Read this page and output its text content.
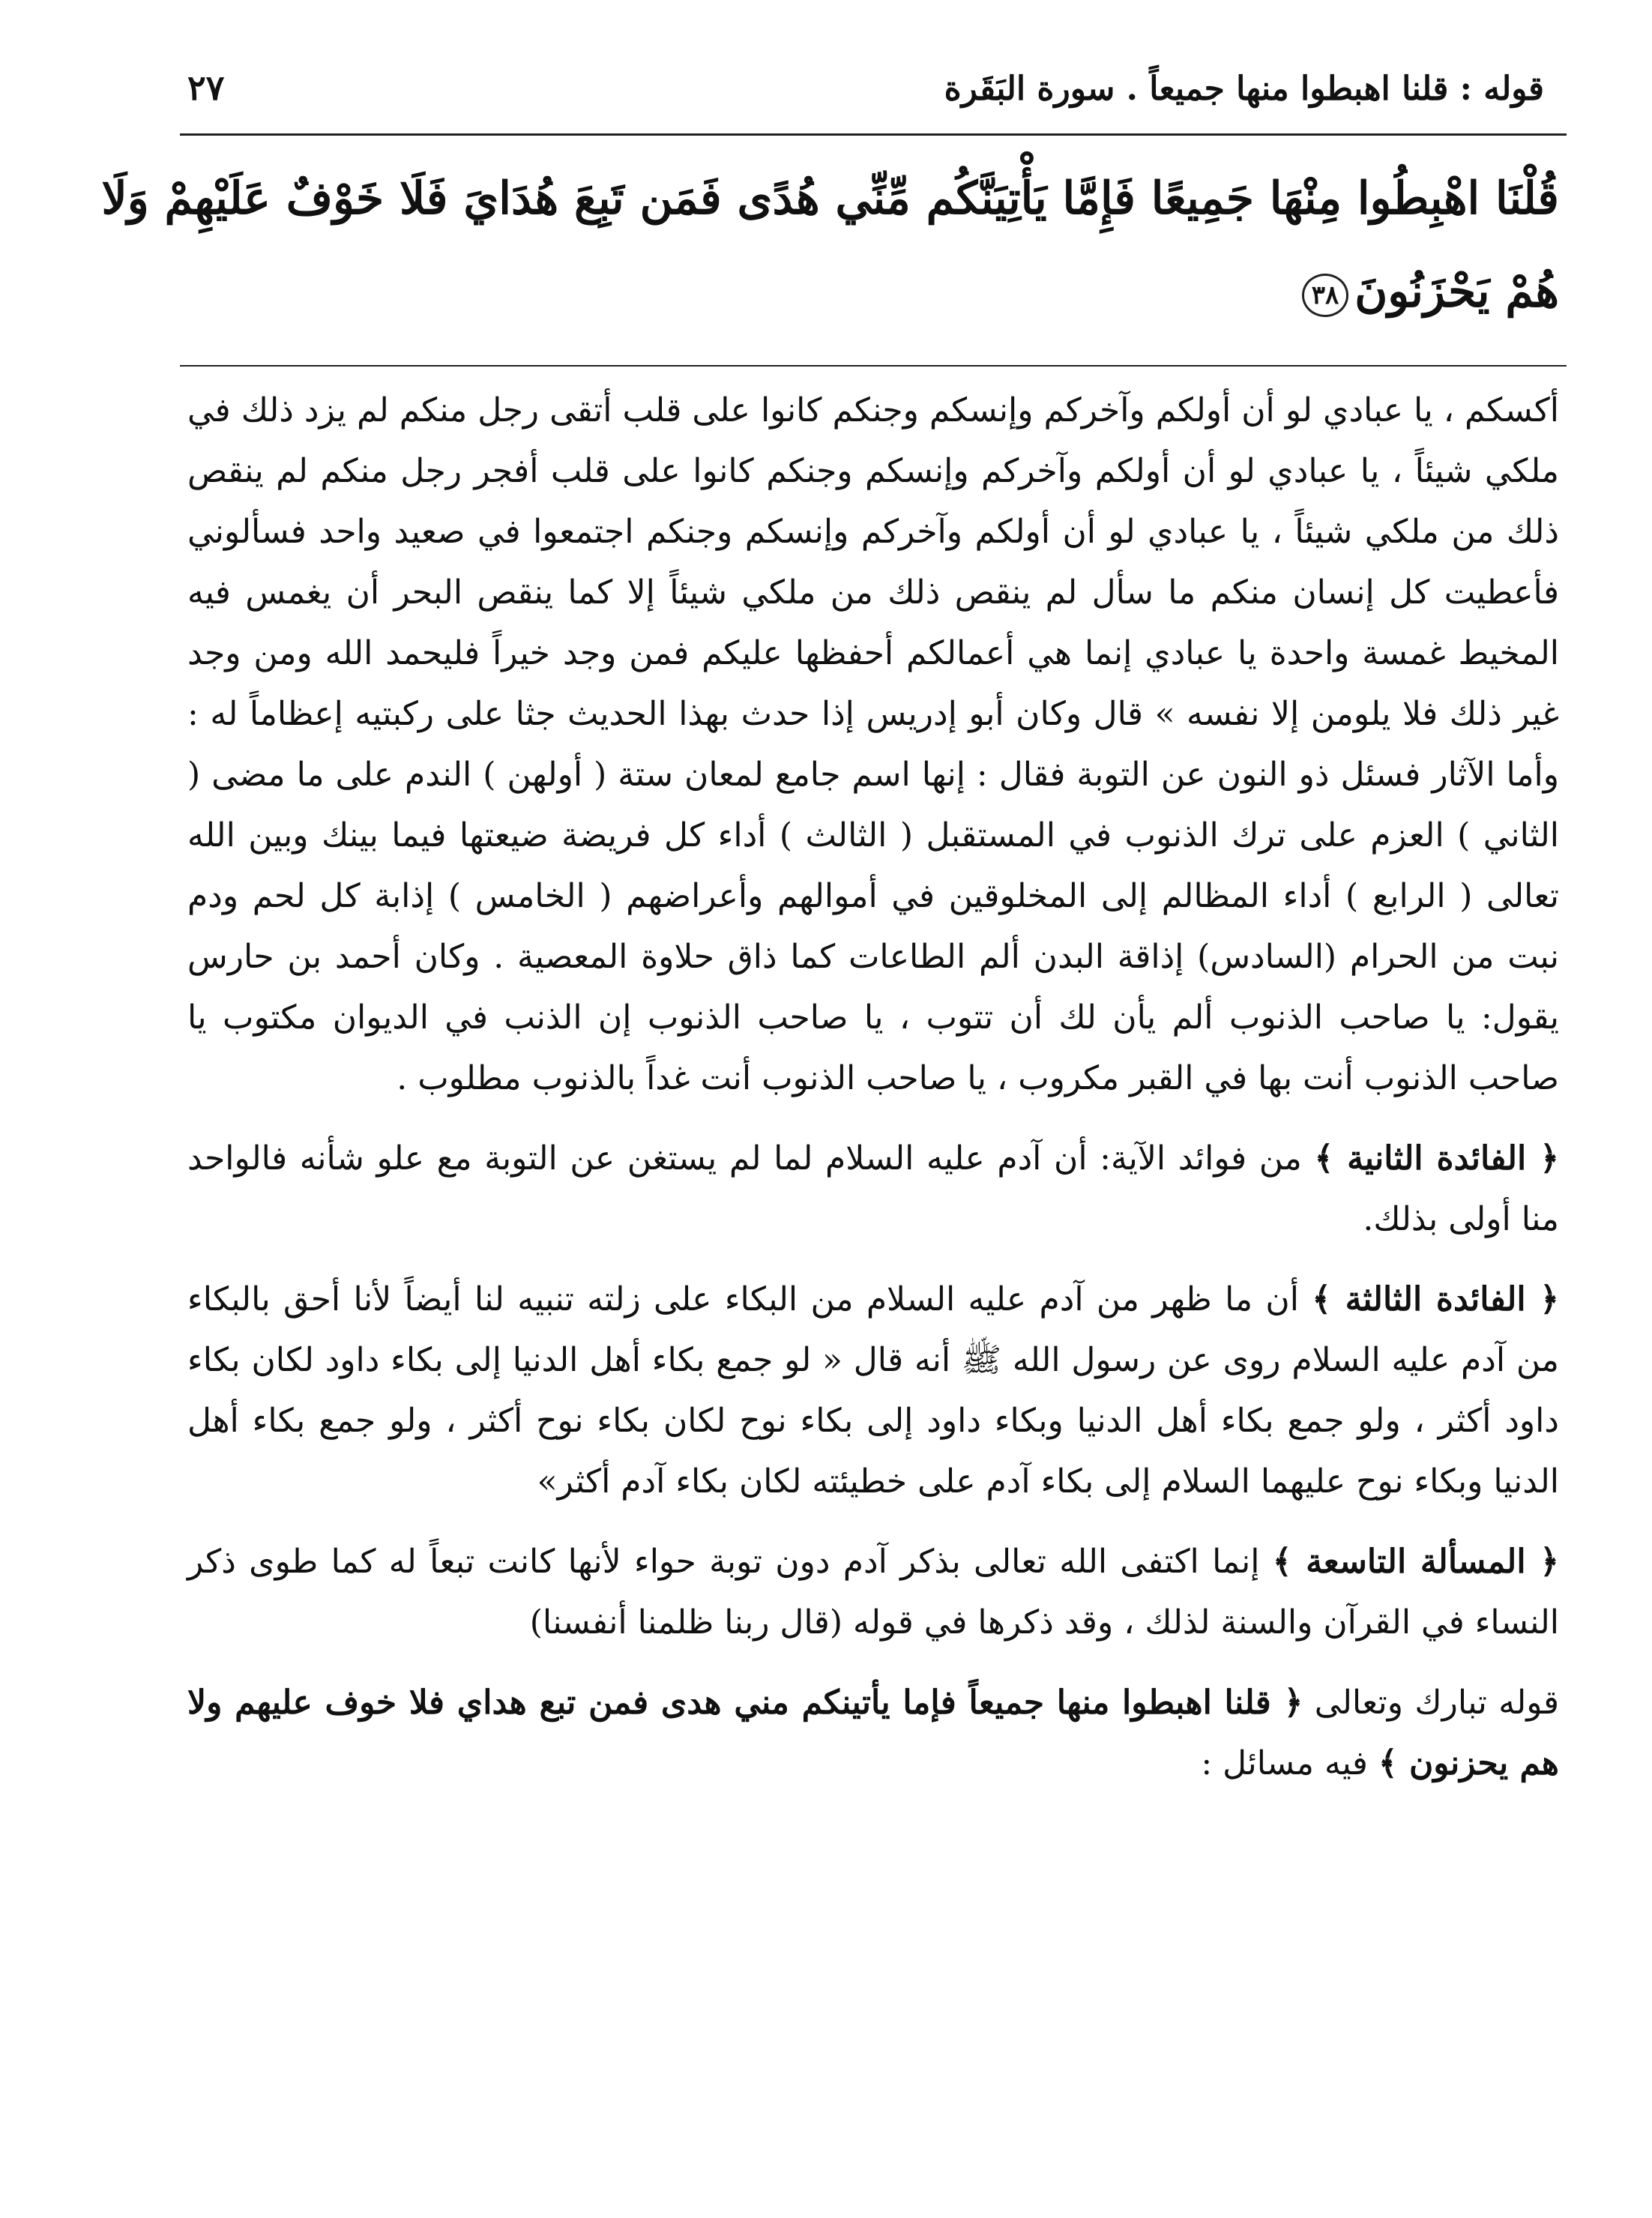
قوله : قلنا اهبطوا منها جميعاً . سورة البَقَرة
٢٧
قُلْنَا اهْبِطُوا مِنْهَا جَمِيعًا فَإِمَّا يَأْتِيَنَّكُم مِّنِّي هُدًى فَمَن تَبِعَ هُدَايَ فَلَا خَوْفٌ عَلَيْهِمْ وَلَا
هُمْ يَحْزَنُونَ٣٨

أكسكم ، يا عبادي لو أن أولكم وآخركم وإنسكم وجنكم كانوا على قلب أتقى رجل منكم لم يزد ذلك في ملكي شيئاً ، يا عبادي لو أن أولكم وآخركم وإنسكم وجنكم كانوا على قلب أفجر رجل منكم لم ينقص ذلك من ملكي شيئاً ، يا عبادي لو أن أولكم وآخركم وإنسكم وجنكم اجتمعوا في صعيد واحد فسألوني فأعطيت كل إنسان منكم ما سأل لم ينقص ذلك من ملكي شيئاً إلا كما ينقص البحر أن يغمس فيه المخيط غمسة واحدة يا عبادي إنما هي أعمالكم أحفظها عليكم فمن وجد خيراً فليحمد الله ومن وجد غير ذلك فلا يلومن إلا نفسه » قال وكان أبو إدريس إذا حدث بهذا الحديث جثا على ركبتيه إعظاماً له : وأما الآثار فسئل ذو النون عن التوبة فقال : إنها اسم جامع لمعان ستة ( أولهن ) الندم على ما مضى ( الثاني ) العزم على ترك الذنوب في المستقبل ( الثالث ) أداء كل فريضة ضيعتها فيما بينك وبين الله تعالى ( الرابع ) أداء المظالم إلى المخلوقين في أموالهم وأعراضهم ( الخامس ) إذابة كل لحم ودم نبت من الحرام (السادس) إذاقة البدن ألم الطاعات كما ذاق حلاوة المعصية . وكان أحمد بن حارس يقول: يا صاحب الذنوب ألم يأن لك أن تتوب ، يا صاحب الذنوب إن الذنب في الديوان مكتوب يا صاحب الذنوب أنت بها في القبر مكروب ، يا صاحب الذنوب أنت غداً بالذنوب مطلوب .

﴿ الفائدة الثانية ﴾ من فوائد الآية: أن آدم عليه السلام لما لم يستغن عن التوبة مع علو شأنه فالواحد منا أولى بذلك.

﴿ الفائدة الثالثة ﴾ أن ما ظهر من آدم عليه السلام من البكاء على زلته تنبيه لنا أيضاً لأنا أحق بالبكاء من آدم عليه السلام روى عن رسول الله ﷺ أنه قال « لو جمع بكاء أهل الدنيا إلى بكاء داود لكان بكاء داود أكثر ، ولو جمع بكاء أهل الدنيا وبكاء داود إلى بكاء نوح لكان بكاء نوح أكثر ، ولو جمع بكاء أهل الدنيا وبكاء نوح عليهما السلام إلى بكاء آدم على خطيئته لكان بكاء آدم أكثر»

﴿ المسألة التاسعة ﴾ إنما اكتفى الله تعالى بذكر آدم دون توبة حواء لأنها كانت تبعاً له كما طوى ذكر النساء في القرآن والسنة لذلك ، وقد ذكرها في قوله (قال ربنا ظلمنا أنفسنا)

قوله تبارك وتعالى ﴿ قلنا اهبطوا منها جميعاً فإما يأتينكم مني هدى فمن تبع هداي فلا خوف عليهم ولا هم يحزنون ﴾ فيه مسائل :
